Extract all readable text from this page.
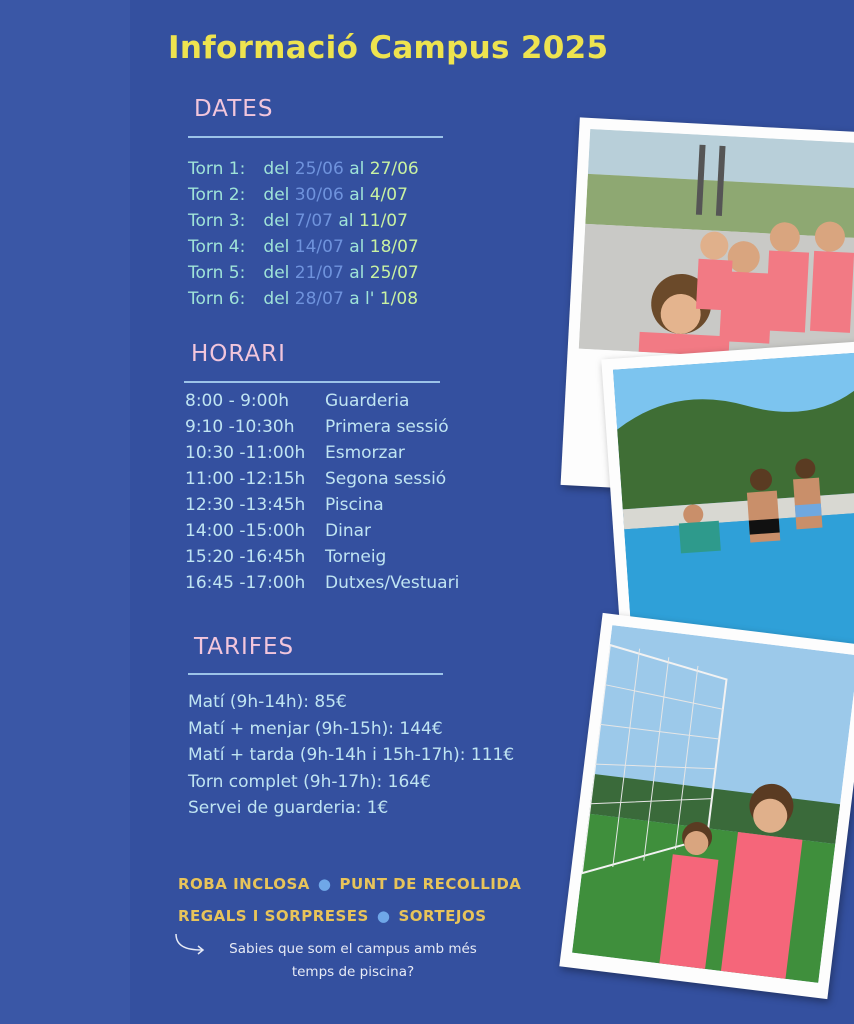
Informació Campus 2025
DATES
Torn 1: del 25/06 al 27/06
Torn 2: del 30/06 al 4/07
Torn 3: del 7/07 al 11/07
Torn 4: del 14/07 al 18/07
Torn 5: del 21/07 al 25/07
Torn 6: del 28/07 a l' 1/08
HORARI
8:00 - 9:00h Guarderia
9:10 -10:30h Primera sessió
10:30 -11:00h Esmorzar
11:00 -12:15h Segona sessió
12:30 -13:45h Piscina
14:00 -15:00h Dinar
15:20 -16:45h Torneig
16:45 -17:00h Dutxes/Vestuari
TARIFES
Matí (9h-14h): 85€
Matí + menjar (9h-15h): 144€
Matí + tarda (9h-14h i 15h-17h): 111€
Torn complet (9h-17h): 164€
Servei de guarderia: 1€
ROBA INCLOSA ● PUNT DE RECOLLIDA
REGALS I SORPRESES ● SORTEJOS
Sabies que som el campus amb més
temps de piscina?
